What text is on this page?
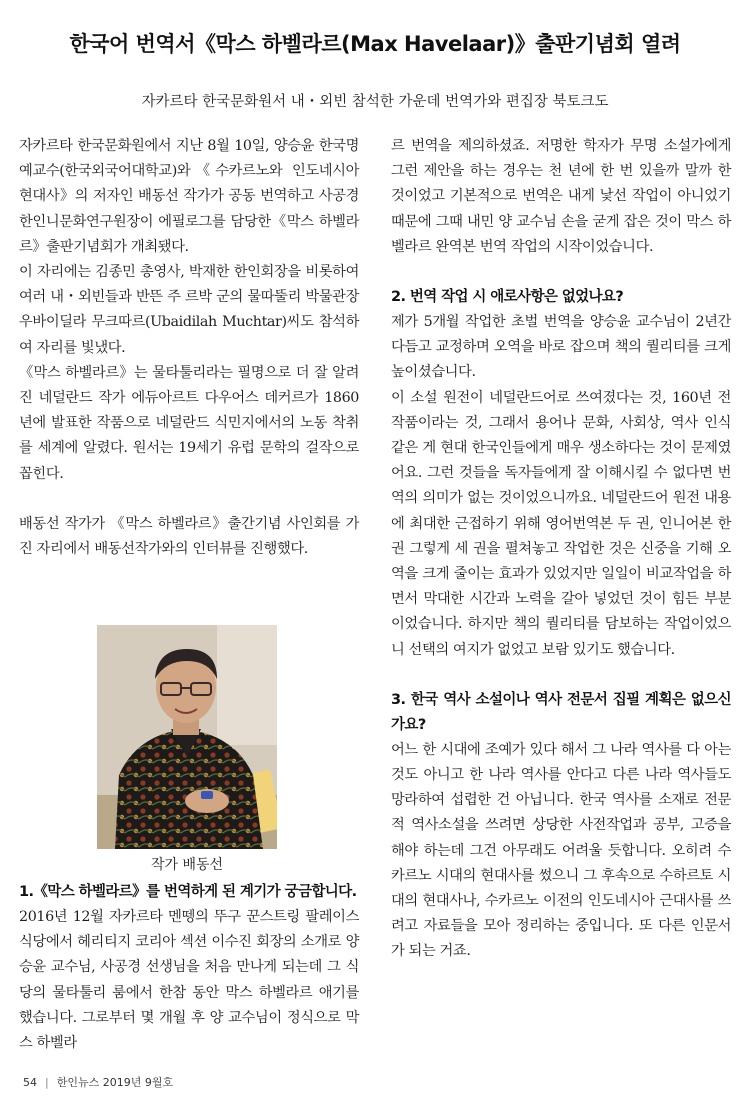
한국어 번역서《막스 하벨라르(Max Havelaar)》출판기념회 열려

자카르타 한국문화원서 내・외빈 참석한 가운데 번역가와 편집장 북토크도

자카르타 한국문화원에서 지난 8월 10일, 양승윤 한국명예교수(한국외국어대학교)와《수카르노와 인도네시아 현대사》의 저자인 배동선 작가가 공동 번역하고 사공경 한인니문화연구원장이 에필로그를 담당한《막스 하벨라르》출판기념회가 개최됐다.

이 자리에는 김종민 총영사, 박재한 한인회장을 비롯하여 여러 내・외빈들과 반뜬 주 르박 군의 물따뚤리 박물관장 우바이딜라 무크따르(Ubaidilah Muchtar)씨도 참석하여 자리를 빛냈다.

《막스 하벨라르》는 물타툴리라는 필명으로 더 잘 알려진 네덜란드 작가 에듀아르트 다우어스 데커르가 1860년에 발표한 작품으로 네덜란드 식민지에서의 노동 착취를 세계에 알렸다. 원서는 19세기 유럽 문학의 걸작으로 꼽힌다.

배동선 작가가 《막스 하벨라르》출간기념 사인회를 가진 자리에서 배동선작가와의 인터뷰를 진행했다.

작가 배동선

1.《막스 하벨라르》를 번역하게 된 계기가 궁금합니다.

2016년 12월 자카르타 멘뗑의 뚜구 꾼스트링 팔레이스 식당에서 헤리티지 코리아 섹션 이수진 회장의 소개로 양승윤 교수님, 사공경 선생님을 처음 만나게 되는데 그 식당의 물타툴리 룸에서 한참 동안 막스 하벨라르 애기를 했습니다. 그로부터 몇 개월 후 양 교수님이 정식으로 막스 하벨라

르 번역을 제의하셨죠. 저명한 학자가 무명 소설가에게 그런 제안을 하는 경우는 천 년에 한 번 있을까 말까 한 것이었고 기본적으로 번역은 내게 낯선 작업이 아니었기 때문에 그때 내민 양 교수님 손을 굳게 잡은 것이 막스 하벨라르 완역본 번역 작업의 시작이었습니다.

2. 번역 작업 시 애로사항은 없었나요?

제가 5개월 작업한 초벌 번역을 양승윤 교수님이 2년간 다듬고 교정하며 오역을 바로 잡으며 책의 퀄리티를 크게 높이셨습니다.

이 소설 원전이 네덜란드어로 쓰여졌다는 것, 160년 전 작품이라는 것, 그래서 용어나 문화, 사회상, 역사 인식 같은 게 현대 한국인들에게 매우 생소하다는 것이 문제였어요. 그런 것들을 독자들에게 잘 이해시킬 수 없다면 번역의 의미가 없는 것이었으니까요. 네덜란드어 원전 내용에 최대한 근접하기 위해 영어번역본 두 권, 인니어본 한 권 그렇게 세 권을 펼쳐놓고 작업한 것은 신중을 기해 오역을 크게 줄이는 효과가 있었지만 일일이 비교작업을 하면서 막대한 시간과 노력을 갈아 넣었던 것이 힘든 부분이었습니다. 하지만 책의 퀄리티를 담보하는 작업이었으니 선택의 여지가 없었고 보람 있기도 했습니다.

3. 한국 역사 소설이나 역사 전문서 집필 계획은 없으신가요?

어느 한 시대에 조예가 있다 해서 그 나라 역사를 다 아는 것도 아니고 한 나라 역사를 안다고 다른 나라 역사들도 망라하여 섭렵한 건 아닙니다. 한국 역사를 소재로 전문적 역사소설을 쓰려면 상당한 사전작업과 공부, 고증을 해야 하는데 그건 아무래도 어려울 듯합니다. 오히려 수카르노 시대의 현대사를 썼으니 그 후속으로 수하르토 시대의 현대사나, 수카르노 이전의 인도네시아 근대사를 쓰려고 자료들을 모아 정리하는 중입니다. 또 다른 인문서가 되는 거죠.

54 | 한인뉴스 2019년 9월호
